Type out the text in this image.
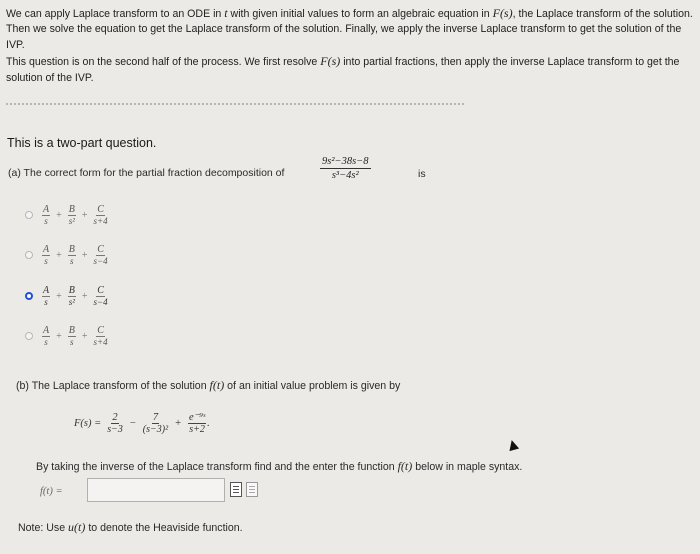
We can apply Laplace transform to an ODE in t with given initial values to form an algebraic equation in F(s), the Laplace transform of the solution. Then we solve the equation to get the Laplace transform of the solution. Finally, we apply the inverse Laplace transform to get the solution of the IVP.

This question is on the second half of the process. We first resolve F(s) into partial fractions, then apply the inverse Laplace transform to get the solution of the IVP.

This is a two-part question.
(a) The correct form for the partial fraction decomposition of	$\frac{\text{9s²−38s−8}}{\text{s³−4s²}}$	is
A
$s + \frac{B}{\text{s²}} + \frac{C}{s+4}$
A
$s + \frac{B}{s} + \frac{C}{s-4}$
A
$s + \frac{B}{\text{s²}} + \frac{C}{s-4}$
A
$s + \frac{B}{s} + \frac{C}{s+4}$
(b) The Laplace transform of the solution f(t) of an initial value problem is given by
$F(s) = \frac{2}{s-3} - \frac{7}{\text{(s−3)²}} + \frac{\text{e⁻⁹ˢ}}{s+2}$ .
By taking the inverse of the Laplace transform find and the enter the function f(t) below in maple syntax.
f(t) =
Note: Use u(t) to denote the Heaviside function.
